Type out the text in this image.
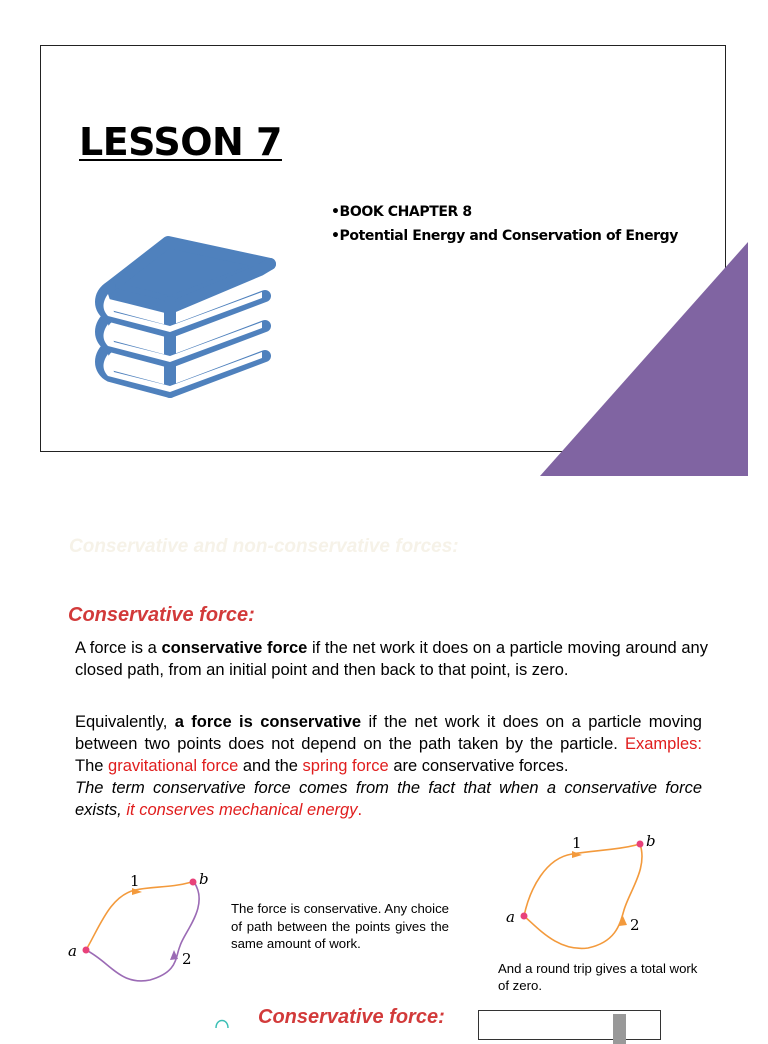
LESSON 7
•BOOK CHAPTER 8
•Potential Energy and Conservation of Energy

Conservative and non-conservative forces:

Conservative force:

A force is a conservative force if the net work it does on a particle moving around any closed path, from an initial point and then back to that point, is zero.

Equivalently, a force is conservative if the net work it does on a particle moving between two points does not depend on the path taken by the particle. Examples: The gravitational force and the spring force are conservative forces.
The term conservative force comes from the fact that when a conservative force exists, it conserves mechanical energy.

a
b
1
2

The force is conservative. Any choice of path between the points gives the same amount of work.

a
b
1
2

And a round trip gives a total work of zero.

Conservative force:
